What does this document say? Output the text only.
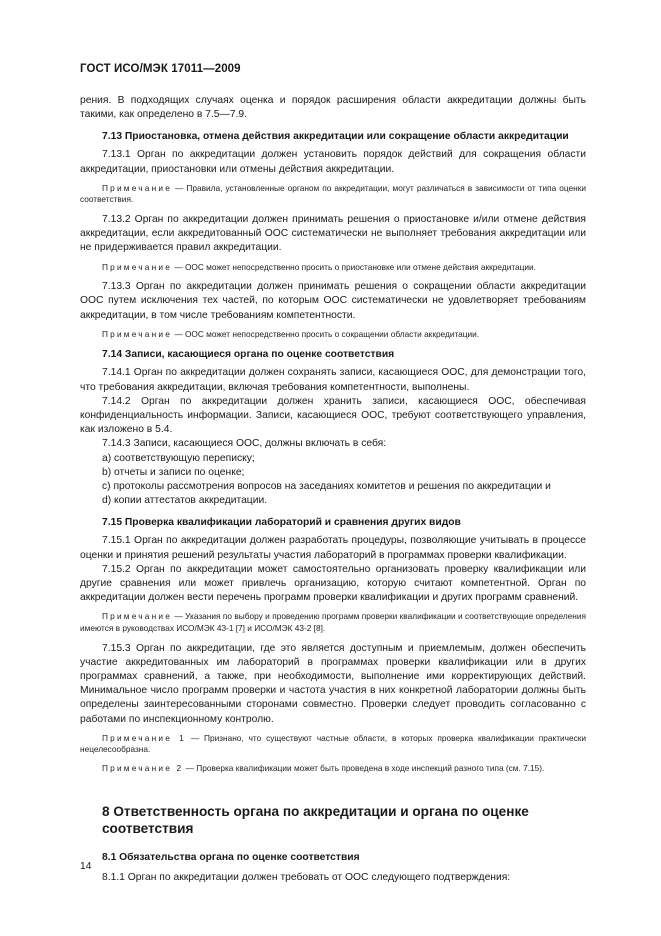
ГОСТ ИСО/МЭК 17011—2009

рения. В подходящих случаях оценка и порядок расширения области аккредитации должны быть такими, как определено в 7.5—7.9.

7.13 Приостановка, отмена действия аккредитации или сокращение области аккредитации

7.13.1 Орган по аккредитации должен установить порядок действий для сокращения области аккредитации, приостановки или отмены действия аккредитации.

Примечание — Правила, установленные органом по аккредитации, могут различаться в зависимости от типа оценки соответствия.

7.13.2 Орган по аккредитации должен принимать решения о приостановке и/или отмене действия аккредитации, если аккредитованный ООС систематически не выполняет требования аккредитации или не придерживается правил аккредитации.

Примечание — ООС может непосредственно просить о приостановке или отмене действия аккредитации.

7.13.3 Орган по аккредитации должен принимать решения о сокращении области аккредитации ООС путем исключения тех частей, по которым ООС систематически не удовлетворяет требованиям аккредитации, в том числе требованиям компетентности.

Примечание — ООС может непосредственно просить о сокращении области аккредитации.

7.14 Записи, касающиеся органа по оценке соответствия

7.14.1 Орган по аккредитации должен сохранять записи, касающиеся ООС, для демонстрации того, что требования аккредитации, включая требования компетентности, выполнены.

7.14.2 Орган по аккредитации должен хранить записи, касающиеся ООС, обеспечивая конфиденциальность информации. Записи, касающиеся ООС, требуют соответствующего управления, как изложено в 5.4.

7.14.3 Записи, касающиеся ООС, должны включать в себя:

a) соответствующую переписку;
b) отчеты и записи по оценке;
c) протоколы рассмотрения вопросов на заседаниях комитетов и решения по аккредитации и
d) копии аттестатов аккредитации.
7.15 Проверка квалификации лабораторий и сравнения других видов

7.15.1 Орган по аккредитации должен разработать процедуры, позволяющие учитывать в процессе оценки и принятия решений результаты участия лабораторий в программах проверки квалификации.

7.15.2 Орган по аккредитации может самостоятельно организовать проверку квалификации или другие сравнения или может привлечь организацию, которую считают компетентной. Орган по аккредитации должен вести перечень программ проверки квалификации и других программ сравнений.

Примечание — Указания по выбору и проведению программ проверки квалификации и соответствующие определения имеются в руководствах ИСО/МЭК 43-1 [7] и ИСО/МЭК 43-2 [8].

7.15.3 Орган по аккредитации, где это является доступным и приемлемым, должен обеспечить участие аккредитованных им лабораторий в программах проверки квалификации или в других программах сравнений, а также, при необходимости, выполнение ими корректирующих действий. Минимальное число программ проверки и частота участия в них конкретной лаборатории должны быть определены заинтересованными сторонами совместно. Проверки следует проводить согласованно с работами по инспекционному контролю.

Примечание 1 — Признано, что существуют частные области, в которых проверка квалификации практически нецелесообразна.

Примечание 2 — Проверка квалификации может быть проведена в ходе инспекций разного типа (см. 7.15).

8 Ответственность органа по аккредитации и органа по оценке
соответствия
8.1 Обязательства органа по оценке соответствия

8.1.1 Орган по аккредитации должен требовать от ООС следующего подтверждения:

14
